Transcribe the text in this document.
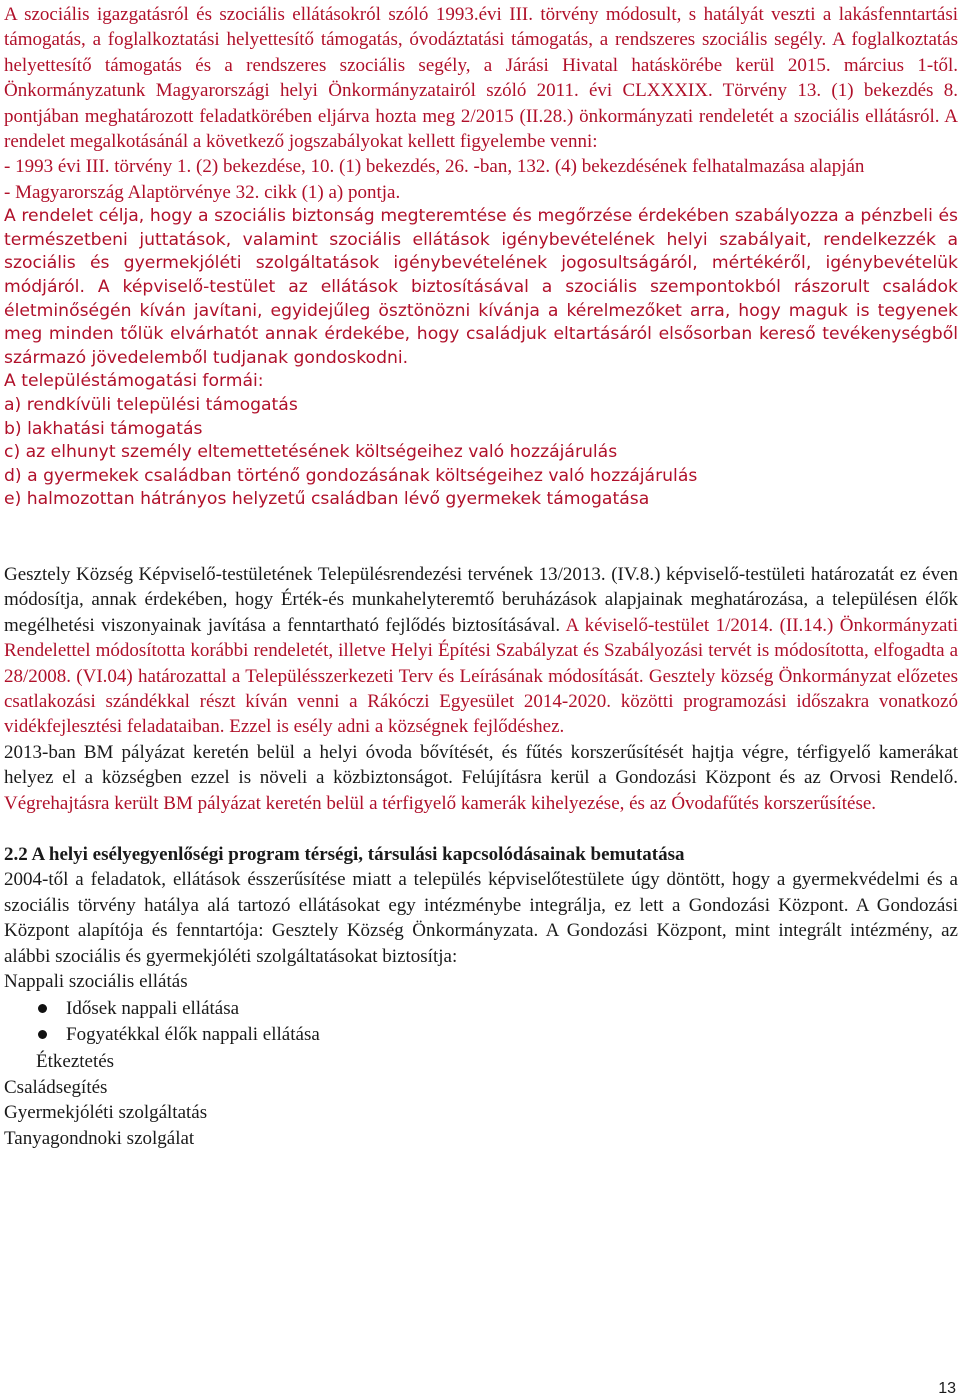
A szociális igazgatásról és szociális ellátásokról szóló 1993.évi III. törvény módosult, s hatályát veszti a lakásfenntartási támogatás, a foglalkoztatási helyettesítő támogatás, óvodáztatási támogatás, a rendszeres szociális segély. A foglalkoztatás helyettesítő támogatás és a rendszeres szociális segély, a Járási Hivatal hatáskörébe kerül 2015. március 1-től. Önkormányzatunk Magyarországi helyi Önkormányzatairól szóló 2011. évi CLXXXIX. Törvény 13. (1) bekezdés 8. pontjában meghatározott feladatkörében eljárva hozta meg 2/2015 (II.28.) önkormányzati rendeletét a szociális ellátásról. A rendelet megalkotásánál a következő jogszabályokat kellett figyelembe venni:

- 1993 évi III. törvény 1. (2) bekezdése, 10. (1) bekezdés, 26. -ban, 132. (4) bekezdésének felhatalmazása alapján

- Magyarország Alaptörvénye 32. cikk (1) a) pontja.

A rendelet célja, hogy a szociális biztonság megteremtése és megőrzése érdekében szabályozza a pénzbeli és természetbeni juttatások, valamint szociális ellátások igénybevételének helyi szabályait, rendelkezzék a szociális és gyermekjóléti szolgáltatások igénybevételének jogosultságáról, mértékéről, igénybevételük módjáról. A képviselő-testület az ellátások biztosításával a szociális szempontokból rászorult családok életminőségén kíván javítani, egyidejűleg ösztönözni kívánja a kérelmezőket arra, hogy maguk is tegyenek meg minden tőlük elvárhatót annak érdekébe, hogy családjuk eltartásáról elsősorban kereső tevékenységből származó jövedelemből tudjanak gondoskodni.

A településtámogatási formái:

a) rendkívüli települési támogatás
b) lakhatási támogatás
c) az elhunyt személy eltemettetésének költségeihez való hozzájárulás
d) a gyermekek családban történő gondozásának költségeihez való hozzájárulás
e) halmozottan hátrányos helyzetű családban lévő gyermekek támogatása

Gesztely Község Képviselő-testületének Településrendezési tervének 13/2013. (IV.8.) képviselő-testületi határozatát ez éven módosítja, annak érdekében, hogy Érték-és munkahelyteremtő beruházások alapjainak meghatározása, a településen élők megélhetési viszonyainak javítása a fenntartható fejlődés biztosításával. A kéviselő-testület 1/2014. (II.14.) Önkormányzati Rendelettel módosította korábbi rendeletét, illetve Helyi Építési Szabályzat és Szabályozási tervét is módosította, elfogadta a 28/2008. (VI.04) határozattal a Településszerkezeti Terv és Leírásának módosítását. Gesztely község Önkormányzat előzetes csatlakozási szándékkal részt kíván venni a Rákóczi Egyesület 2014-2020. közötti programozási időszakra vonatkozó vidékfejlesztési feladataiban. Ezzel is esély adni a községnek fejlődéshez.

2013-ban BM pályázat keretén belül a helyi óvoda bővítését, és fűtés korszerűsítését hajtja végre, térfigyelő kamerákat helyez el a községben ezzel is növeli a közbiztonságot. Felújításra kerül a Gondozási Központ és az Orvosi Rendelő. Végrehajtásra került BM pályázat keretén belül a térfigyelő kamerák kihelyezése, és az Óvodafűtés korszerűsítése.

2.2 A helyi esélyegyenlőségi program térségi, társulási kapcsolódásainak bemutatása

2004-től a feladatok, ellátások ésszerűsítése miatt a település képviselőtestülete úgy döntött, hogy a gyermekvédelmi és a szociális törvény hatálya alá tartozó ellátásokat egy intézménybe integrálja, ez lett a Gondozási Központ. A Gondozási Központ alapítója és fenntartója: Gesztely Község Önkormányzata. A Gondozási Központ, mint integrált intézmény, az alábbi szociális és gyermekjóléti szolgáltatásokat biztosítja:

Nappali szociális ellátás
Idősek nappali ellátása
Fogyatékkal élők nappali ellátása
Étkeztetés
Családsegítés
Gyermekjóléti szolgáltatás
Tanyagondnoki szolgálat
13
